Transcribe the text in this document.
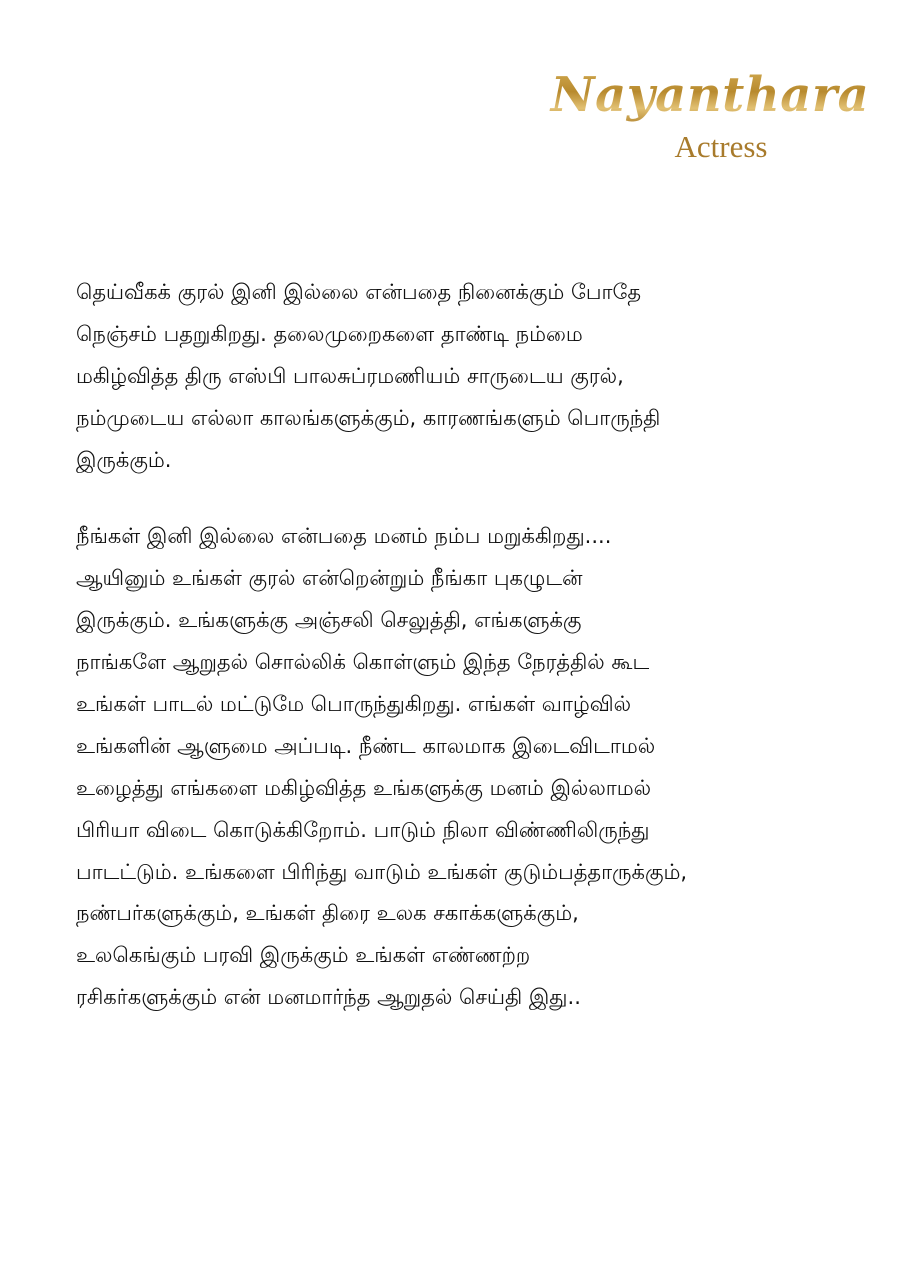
Nayanthara
Actress
தெய்வீகக் குரல் இனி இல்லை என்பதை நினைக்கும் போதே
நெஞ்சம் பதறுகிறது. தலைமுறைகளை தாண்டி நம்மை
மகிழ்வித்த திரு எஸ்பி பாலசுப்ரமணியம் சாருடைய குரல்,
நம்முடைய எல்லா காலங்களுக்கும், காரணங்களும் பொருந்தி
இருக்கும்.
நீங்கள் இனி இல்லை என்பதை மனம் நம்ப மறுக்கிறது....
ஆயினும் உங்கள் குரல் என்றென்றும் நீங்கா புகழுடன்
இருக்கும். உங்களுக்கு அஞ்சலி செலுத்தி, எங்களுக்கு
நாங்களே ஆறுதல் சொல்லிக் கொள்ளும் இந்த நேரத்தில் கூட
உங்கள் பாடல் மட்டுமே பொருந்துகிறது. எங்கள் வாழ்வில்
உங்களின் ஆளுமை அப்படி. நீண்ட காலமாக இடைவிடாமல்
உழைத்து எங்களை மகிழ்வித்த உங்களுக்கு மனம் இல்லாமல்
பிரியா விடை கொடுக்கிறோம். பாடும் நிலா விண்ணிலிருந்து
பாடட்டும். உங்களை பிரிந்து வாடும் உங்கள் குடும்பத்தாருக்கும்,
நண்பர்களுக்கும், உங்கள் திரை உலக சகாக்களுக்கும்,
உலகெங்கும் பரவி இருக்கும் உங்கள் எண்ணற்ற
ரசிகர்களுக்கும் என் மனமார்ந்த ஆறுதல் செய்தி இது..
